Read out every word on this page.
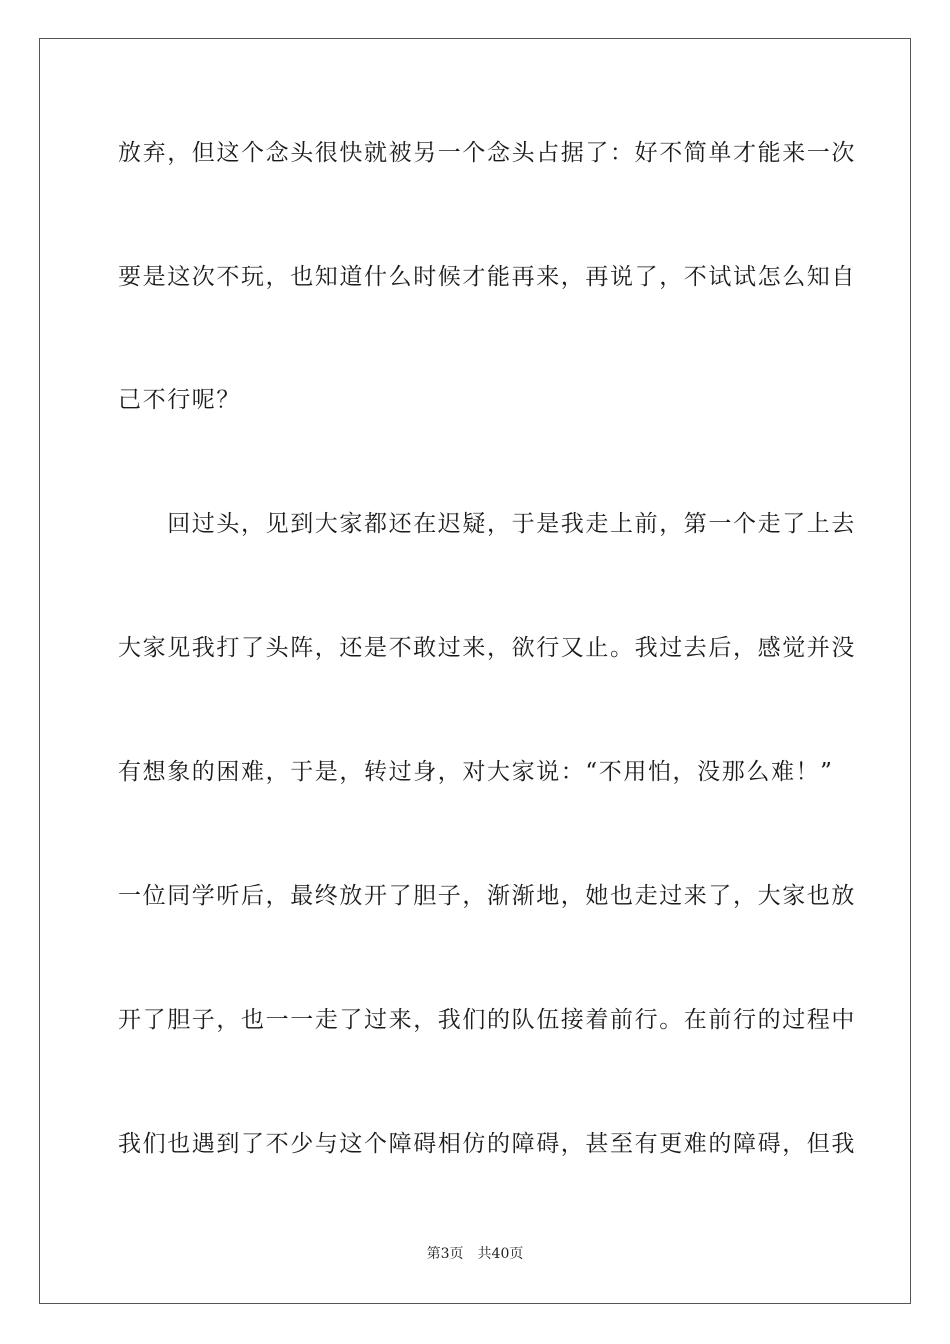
放弃，但这个念头很快就被另一个念头占据了：好不简单才能来一次
要是这次不玩，也知道什么时候才能再来，再说了，不试试怎么知自
己不行呢？
　　回过头，见到大家都还在迟疑，于是我走上前，第一个走了上去
大家见我打了头阵，还是不敢过来，欲行又止。我过去后，感觉并没
有想象的困难，于是，转过身，对大家说：“不用怕，没那么难！”
一位同学听后，最终放开了胆子，渐渐地，她也走过来了，大家也放
开了胆子，也一一走了过来，我们的队伍接着前行。在前行的过程中
我们也遇到了不少与这个障碍相仿的障碍，甚至有更难的障碍，但我
第3页 共40页
